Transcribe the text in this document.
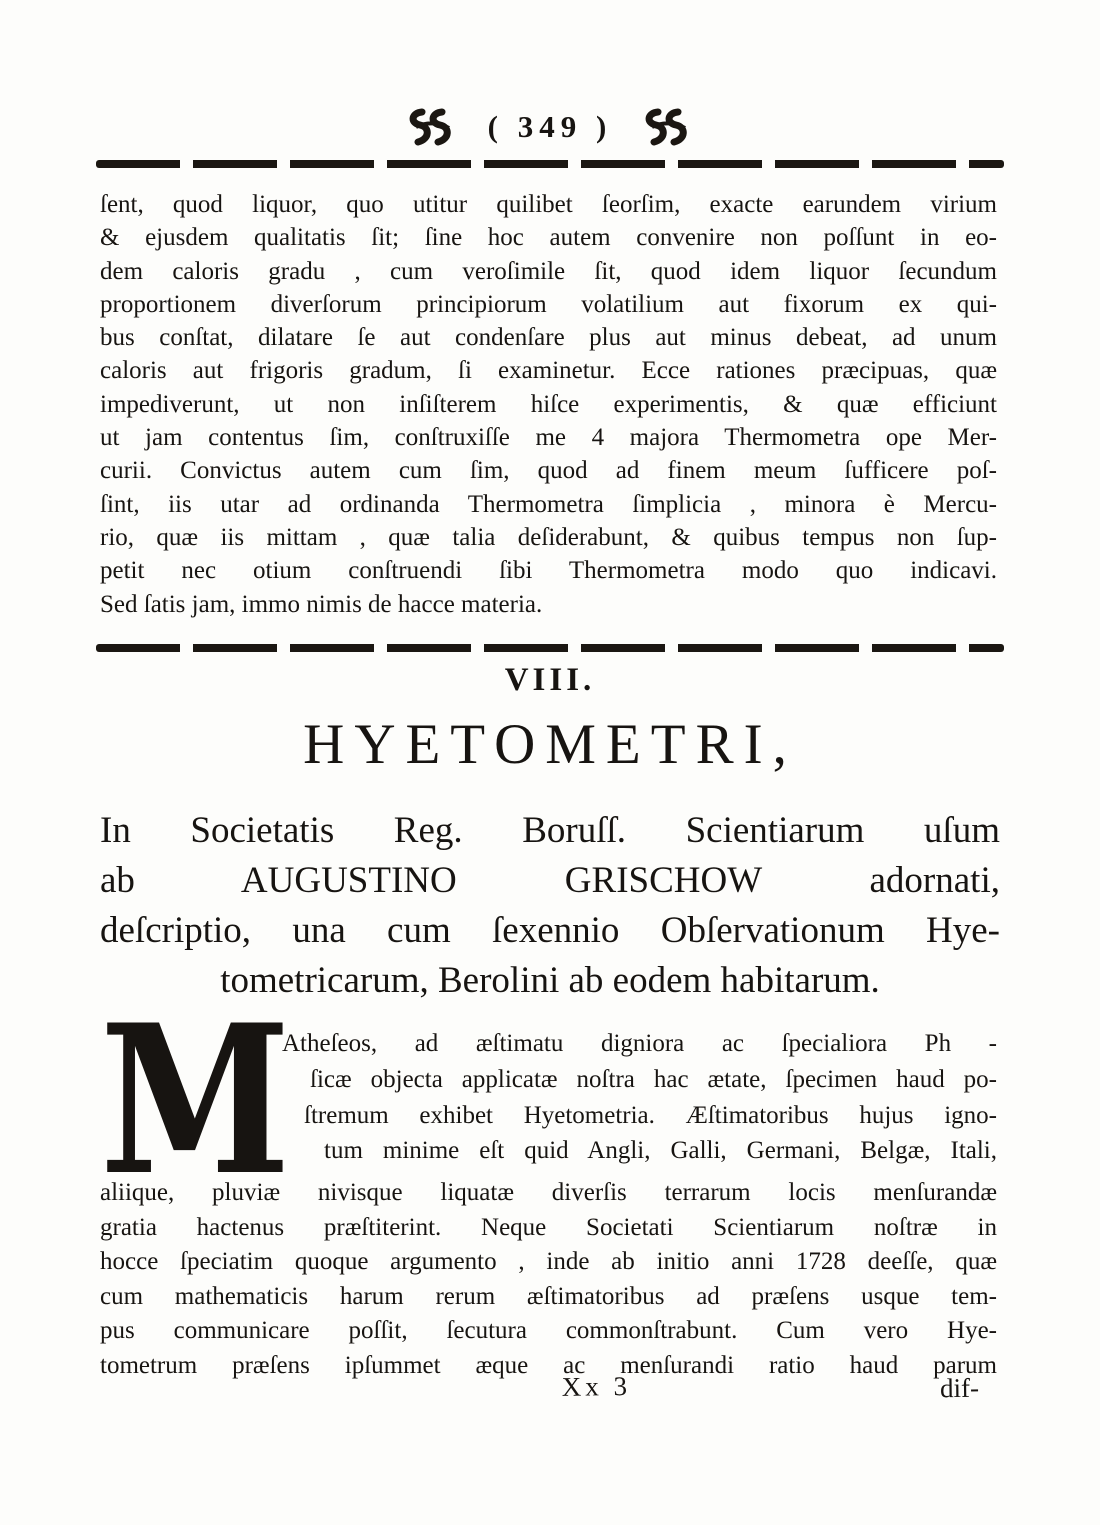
( 349 )
ſent, quod liquor, quo utitur quilibet ſeorſim, exacte earundem virium
& ejusdem qualitatis ſit; ſine hoc autem convenire non poſſunt in eo-
dem caloris gradu , cum veroſimile ſit, quod idem liquor ſecundum
proportionem diverſorum principiorum volatilium aut fixorum ex qui-
bus conſtat, dilatare ſe aut condenſare plus aut minus debeat, ad unum
caloris aut frigoris gradum, ſi examinetur. Ecce rationes præcipuas, quæ
impediverunt, ut non inſiſterem hiſce experimentis, & quæ efficiunt
ut jam contentus ſim, conſtruxiſſe me 4 majora Thermometra ope Mer-
curii. Convictus autem cum ſim, quod ad finem meum ſufficere poſ-
ſint, iis utar ad ordinanda Thermometra ſimplicia , minora è Mercu-
rio, quæ iis mittam , quæ talia deſiderabunt, & quibus tempus non ſup-
petit nec otium conſtruendi ſibi Thermometra modo quo indicavi.
Sed ſatis jam, immo nimis de hacce materia.
VIII.
HYETOMETRI,
In Societatis Reg. Boruſſ. Scientiarum uſum
ab AUGUSTINO GRISCHOW adornati,
deſcriptio, una cum ſexennio Obſervationum Hye-
tometricarum, Berolini ab eodem habitarum.
M
Atheſeos, ad æſtimatu digniora ac ſpecialiora Ph -
ſicæ objecta applicatæ noſtra hac ætate, ſpecimen haud po-
ſtremum exhibet Hyetometria. Æſtimatoribus hujus igno-
tum minime eſt quid Angli, Galli, Germani, Belgæ, Itali,
aliique, pluviæ nivisque liquatæ diverſis terrarum locis menſurandæ
gratia hactenus præſtiterint. Neque Societati Scientiarum noſtræ in
hocce ſpeciatim quoque argumento , inde ab initio anni 1728 deeſſe, quæ
cum mathematicis harum rerum æſtimatoribus ad præſens usque tem-
pus communicare poſſit, ſecutura commonſtrabunt. Cum vero Hye-
tometrum præſens ipſummet æque ac menſurandi ratio haud parum
Xx 3	dif-
